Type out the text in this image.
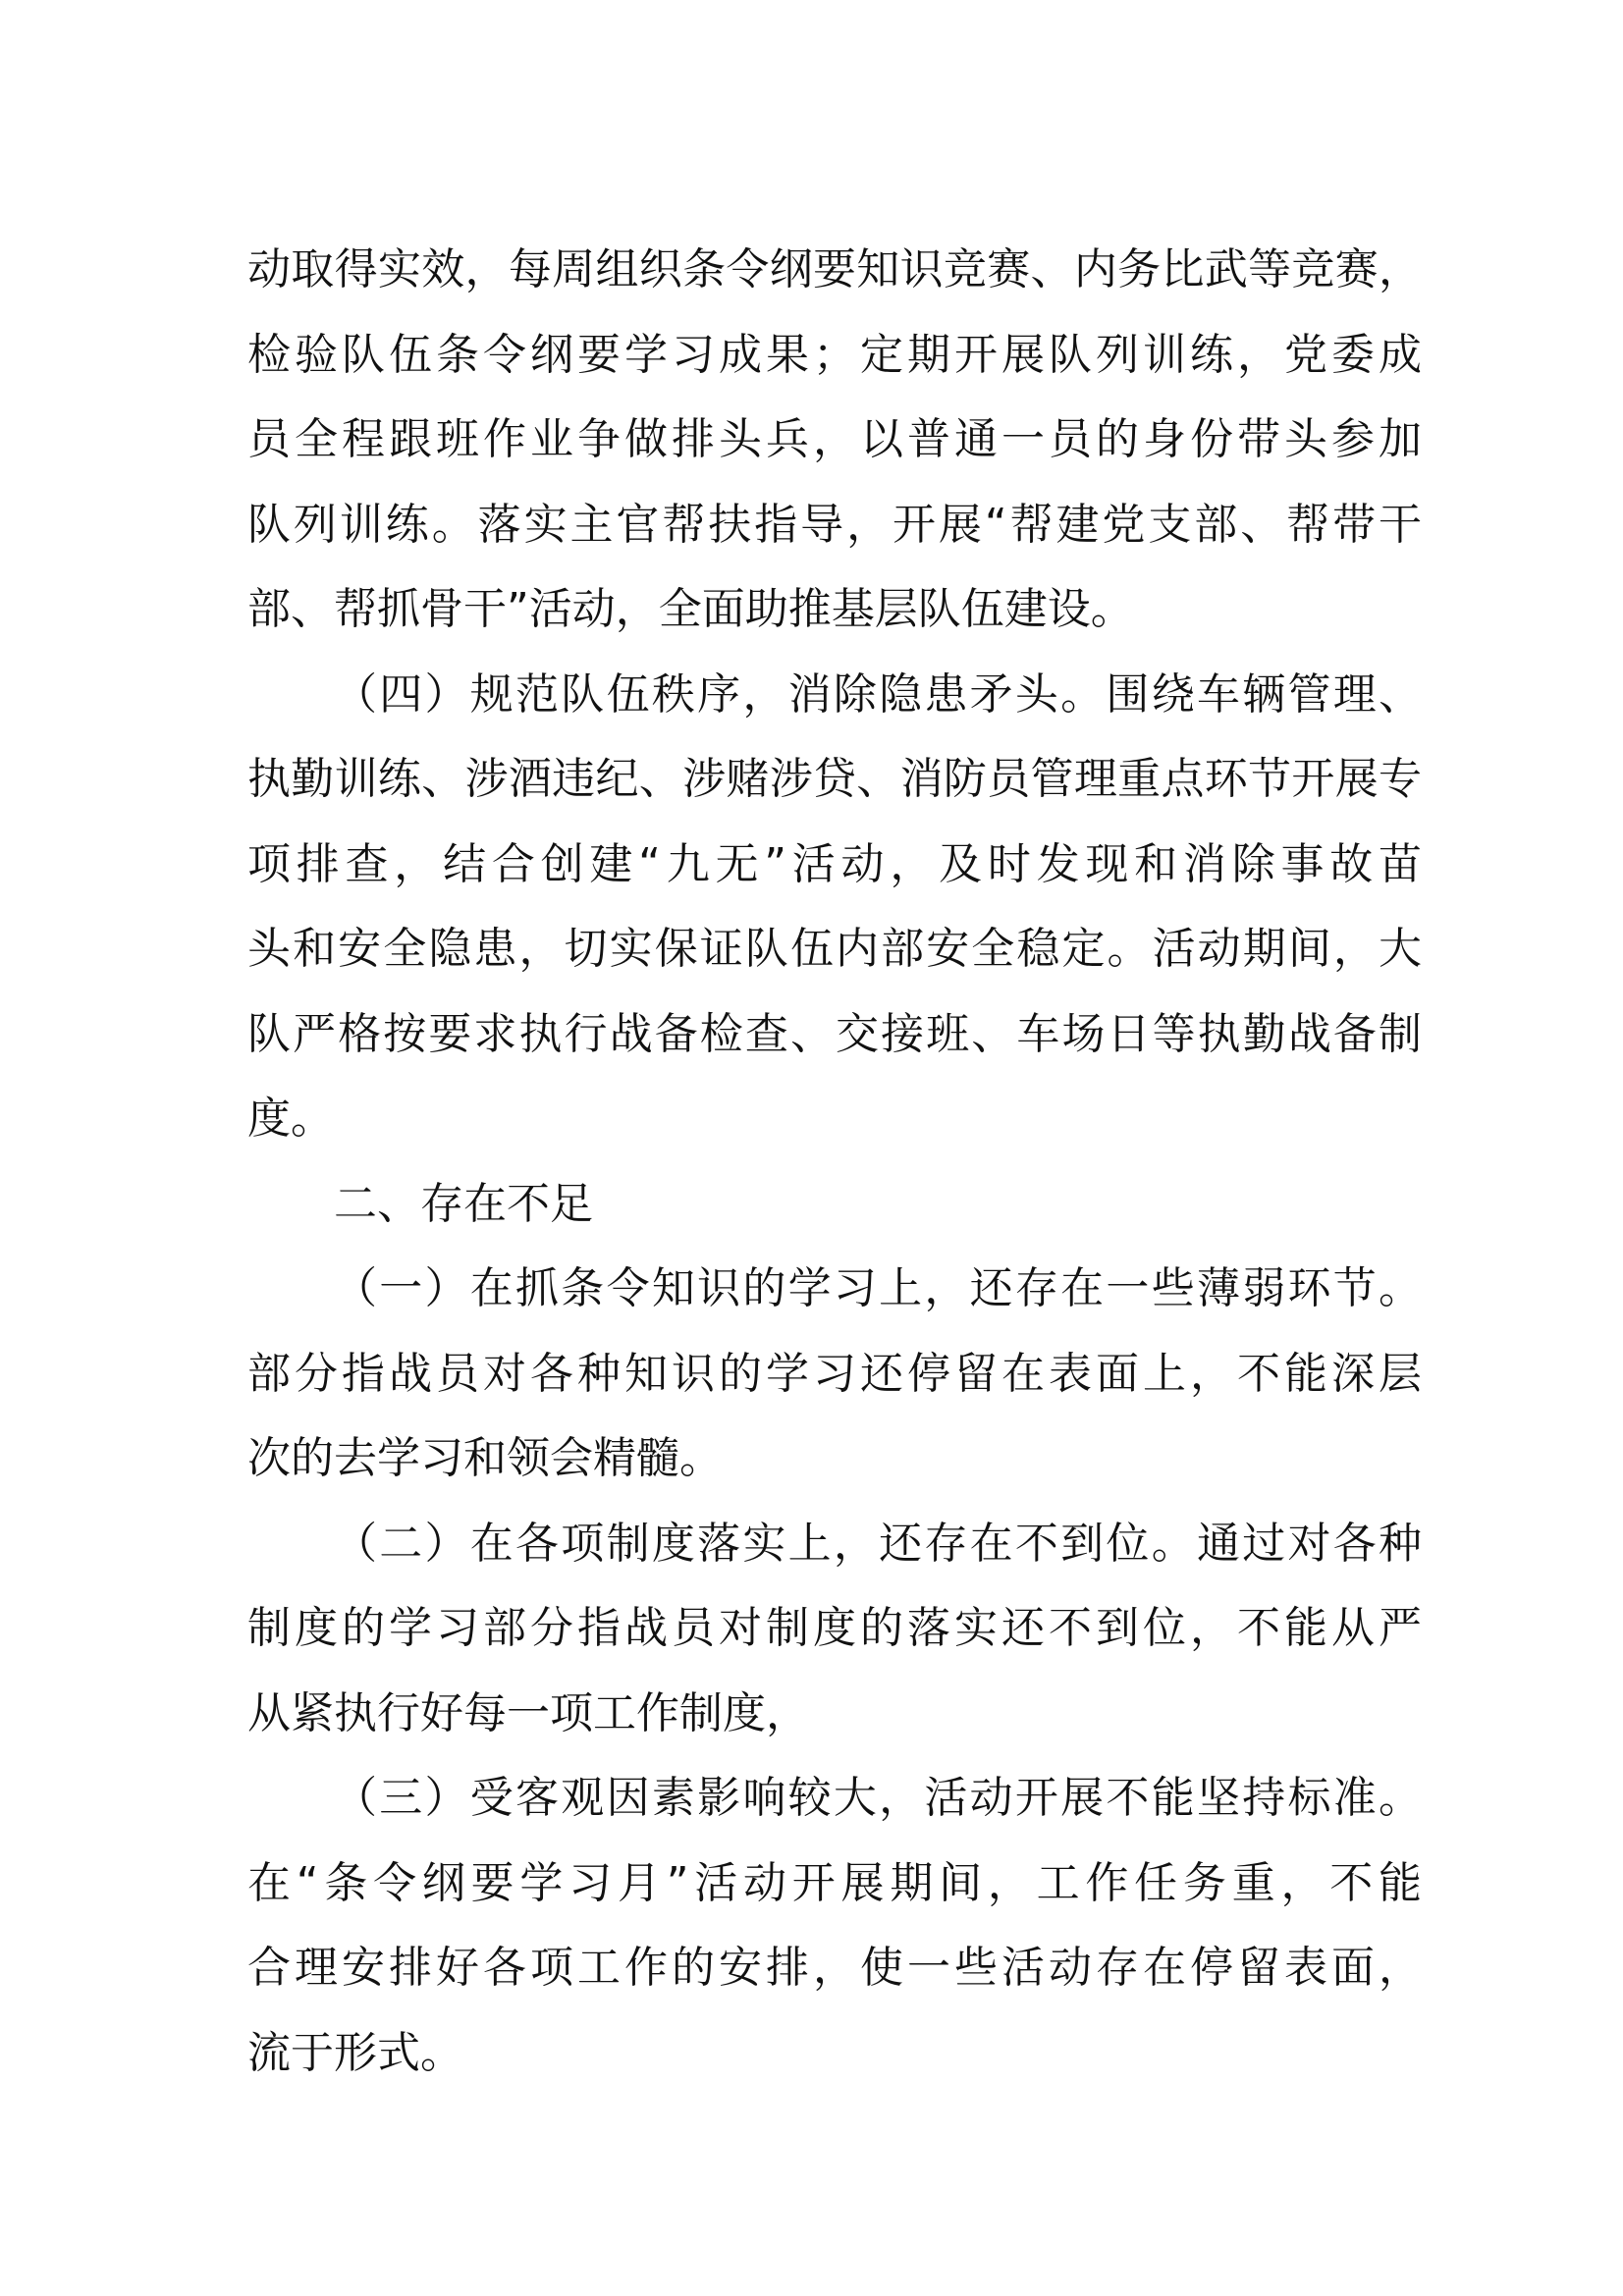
动取得实效，每周组织条令纲要知识竞赛、内务比武等竞赛，
检验队伍条令纲要学习成果；定期开展队列训练，党委成
员全程跟班作业争做排头兵，以普通一员的身份带头参加
队列训练。落实主官帮扶指导，开展“帮建党支部、帮带干
部、帮抓骨干”活动，全面助推基层队伍建设。
（四）规范队伍秩序，消除隐患矛头。围绕车辆管理、
执勤训练、涉酒违纪、涉赌涉贷、消防员管理重点环节开展专
项排查，结合创建“九无”活动，及时发现和消除事故苗
头和安全隐患，切实保证队伍内部安全稳定。活动期间，大
队严格按要求执行战备检查、交接班、车场日等执勤战备制
度。
二、存在不足
（一）在抓条令知识的学习上，还存在一些薄弱环节。
部分指战员对各种知识的学习还停留在表面上，不能深层
次的去学习和领会精髓。
（二）在各项制度落实上，还存在不到位。通过对各种
制度的学习部分指战员对制度的落实还不到位，不能从严
从紧执行好每一项工作制度，
（三）受客观因素影响较大，活动开展不能坚持标准。
在“条令纲要学习月”活动开展期间，工作任务重，不能
合理安排好各项工作的安排，使一些活动存在停留表面，
流于形式。
